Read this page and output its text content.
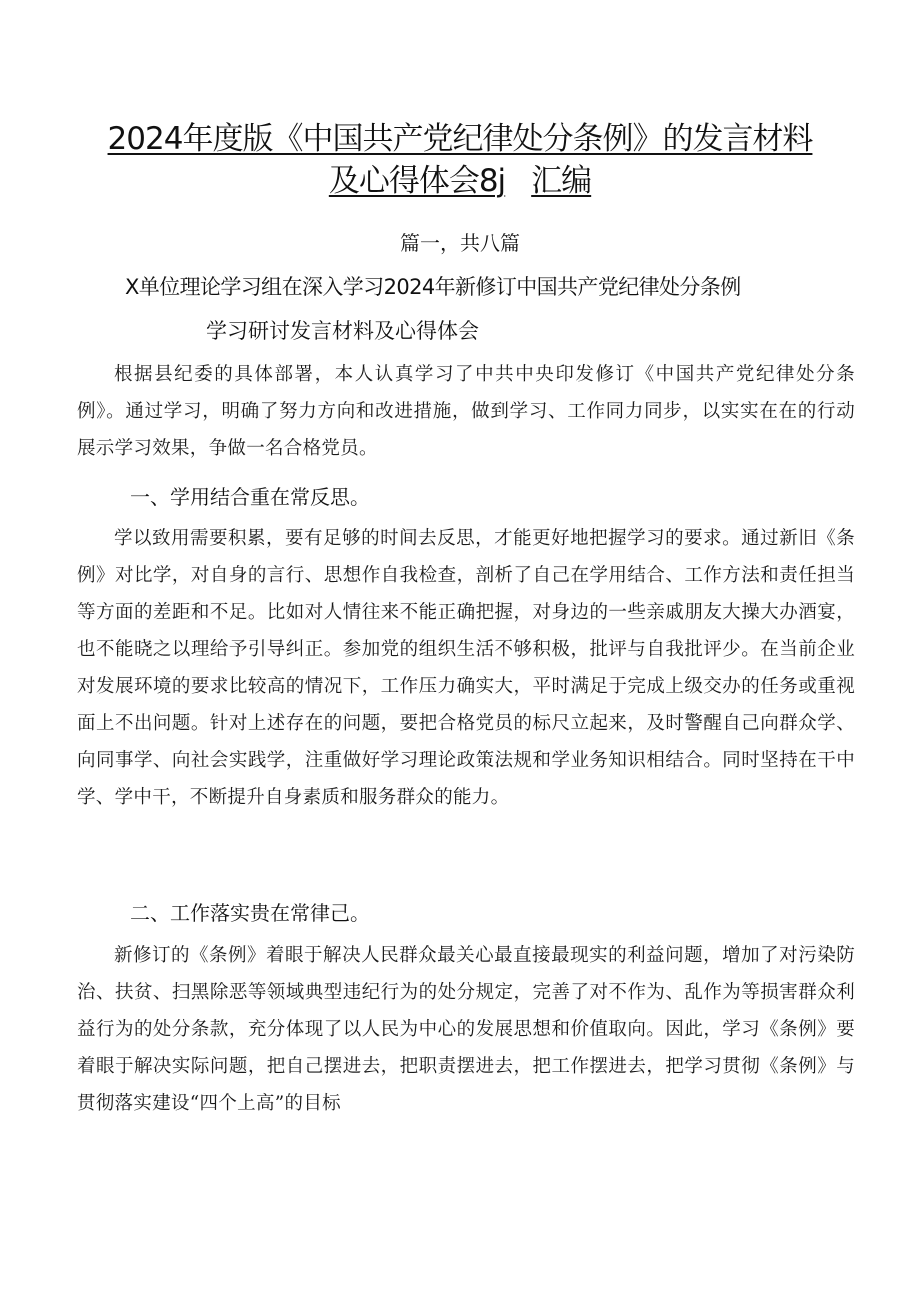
2024年度版《中国共产党纪律处分条例》的发言材料
及心得体会8j 汇编
篇一，共八篇
X单位理论学习组在深入学习2024年新修订中国共产党纪律处分条例
学习研讨发言材料及心得体会

根据县纪委的具体部署，本人认真学习了中共中央印发修订《中国共产党纪律处分条例》。通过学习，明确了努力方向和改进措施，做到学习、工作同力同步，以实实在在的行动展示学习效果，争做一名合格党员。

一、学用结合重在常反思。

学以致用需要积累，要有足够的时间去反思，才能更好地把握学习的要求。通过新旧《条例》对比学，对自身的言行、思想作自我检查，剖析了自己在学用结合、工作方法和责任担当等方面的差距和不足。比如对人情往来不能正确把握，对身边的一些亲戚朋友大操大办酒宴，也不能晓之以理给予引导纠正。参加党的组织生活不够积极，批评与自我批评少。在当前企业对发展环境的要求比较高的情况下，工作压力确实大，平时满足于完成上级交办的任务或重视面上不出问题。针对上述存在的问题，要把合格党员的标尺立起来，及时警醒自己向群众学、向同事学、向社会实践学，注重做好学习理论政策法规和学业务知识相结合。同时坚持在干中学、学中干，不断提升自身素质和服务群众的能力。

二、工作落实贵在常律己。

新修订的《条例》着眼于解决人民群众最关心最直接最现实的利益问题，增加了对污染防治、扶贫、扫黑除恶等领域典型违纪行为的处分规定，完善了对不作为、乱作为等损害群众利益行为的处分条款，充分体现了以人民为中心的发展思想和价值取向。因此，学习《条例》要着眼于解决实际问题，把自己摆进去，把职责摆进去，把工作摆进去，把学习贯彻《条例》与贯彻落实建设“四个上高”的目标
